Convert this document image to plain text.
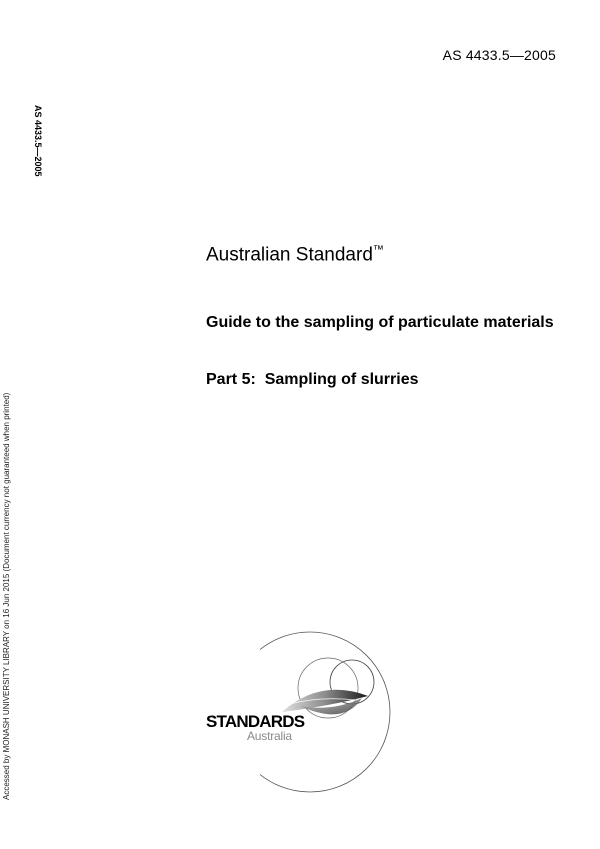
AS 4433.5—2005
AS 4433.5—2005
Accessed by MONASH UNIVERSITY LIBRARY on 16 Jun 2015 (Document currency not guaranteed when printed)
Australian Standard™
Guide to the sampling of particulate materials
Part 5:  Sampling of slurries
STANDARDS
Australia
